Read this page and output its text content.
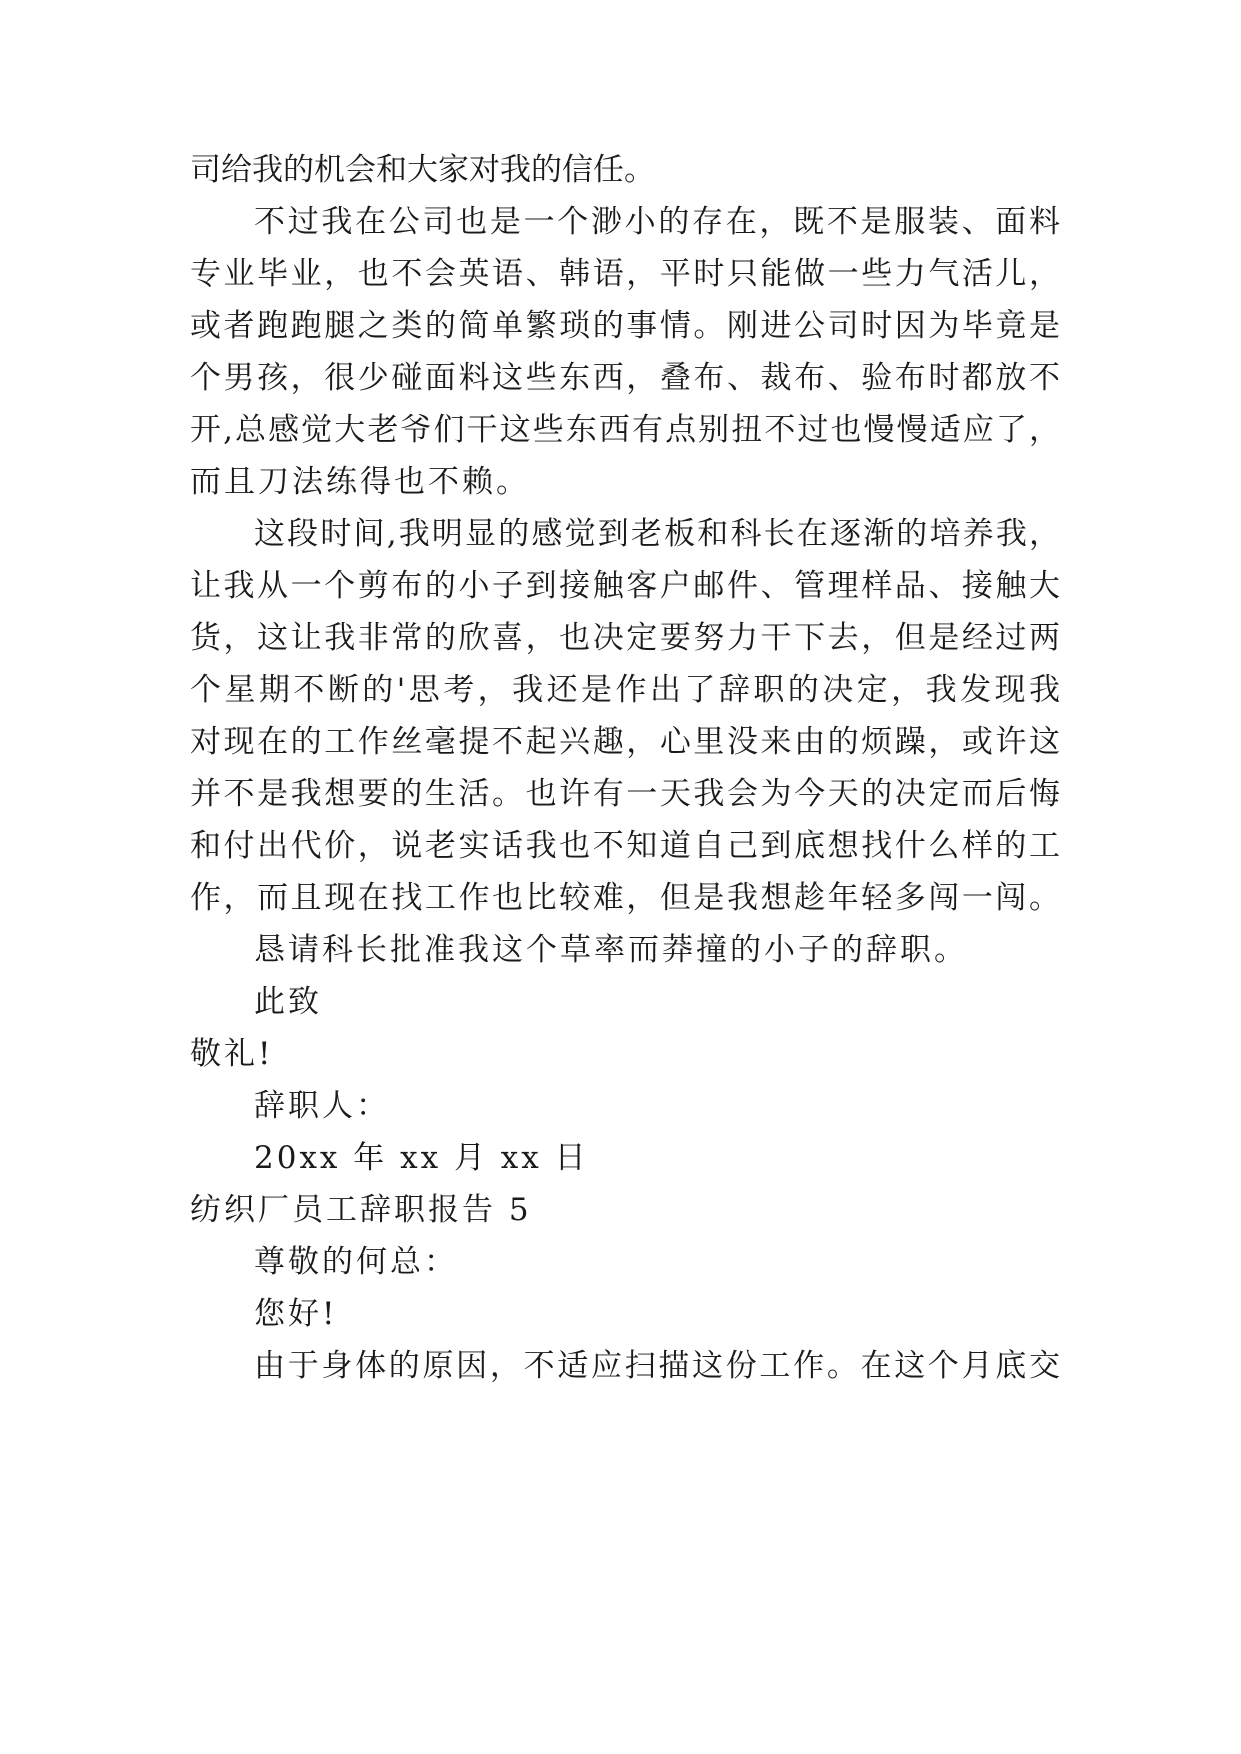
司给我的机会和大家对我的信任。
不过我在公司也是一个渺小的存在，既不是服装、面料
专业毕业，也不会英语、韩语，平时只能做一些力气活儿，
或者跑跑腿之类的简单繁琐的事情。刚进公司时因为毕竟是
个男孩，很少碰面料这些东西，叠布、裁布、验布时都放不
开,总感觉大老爷们干这些东西有点别扭不过也慢慢适应了，
而且刀法练得也不赖。
这段时间,我明显的感觉到老板和科长在逐渐的培养我，
让我从一个剪布的小子到接触客户邮件、管理样品、接触大
货，这让我非常的欣喜，也决定要努力干下去，但是经过两
个星期不断的'思考，我还是作出了辞职的决定，我发现我
对现在的工作丝毫提不起兴趣，心里没来由的烦躁，或许这
并不是我想要的生活。也许有一天我会为今天的决定而后悔
和付出代价，说老实话我也不知道自己到底想找什么样的工
作，而且现在找工作也比较难，但是我想趁年轻多闯一闯。
恳请科长批准我这个草率而莽撞的小子的辞职。
此致
敬礼!
辞职人：
20xx 年 xx 月 xx 日
纺织厂员工辞职报告 5
尊敬的何总：
您好!
由于身体的原因，不适应扫描这份工作。在这个月底交
